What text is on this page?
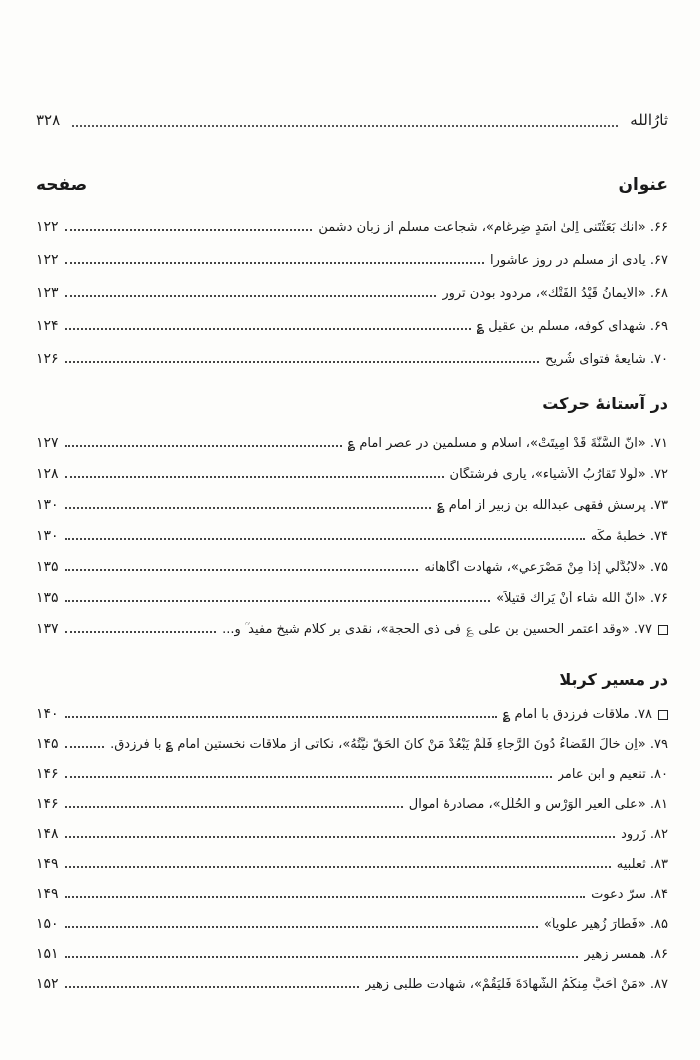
۳۲۸	ثارُالله
عنوان
صفحه
۶۶. «انك بَعَثْتَنى اِلىٰ اَسَدٍ ضِرغامٍ»، شجاعت مسلم از زبان دشمن
۱۲۲
۶۷. یادی از مسلم در روز عاشورا
۱۲۲
۶۸. «الايمانُ قَيْدُ الفَتْك»، مردود بودن ترور
۱۲۳
۶۹. شهدای کوفه، مسلم بن عقیل ؏
۱۲۴
۷۰. شایعهٔ فتوای شُریح
۱۲۶
در آستانهٔ حرکت
۷۱. «انّ السُّنَّةَ قَدْ اُمِيتَتْ»، اسلام و مسلمین در عصر امام ؏
۱۲۷
۷۲. «لَولا تَقارُبُ الأشياء»، یاری فرشتگان
۱۲۸
۷۳. پرسش فقهی عبدالله بن زبیر از امام ؏
۱۳۰
۷۴. خطبهٔ مکّه
۱۳۰
۷۵. «لابُدَّلي إذاً مِنْ مَصْرَعي»، شهادت آگاهانه
۱۳۵
۷۶. «انّ اللّه شاء أنْ يَراك قتيلاً»
۱۳۵
۷۷. «وقد اعتمر الحسين بن علی ؏ فی ذی الحجة»، نقدی بر کلام شیخ مفید ؒ و...
۱۳۷
در مسیر کربلا
۷۸. ملاقات فرزدق با امام ؏
۱۴۰
۷۹. «اِن خالَ القَضاءُ دُونَ الرَّجاءِ فَلَمْ يَبْعُدْ مَنْ كانَ الحَقّ نيَّتُهُ»، نکاتی از ملاقات نخستین امام ؏ با فرزدق.
۱۴۵
۸۰. تنعیم و ابن عامر
۱۴۶
۸۱. «على العير الوَرْس و الحُلَل»، مصادرهٔ اموال
۱۴۶
۸۲. زَرود
۱۴۸
۸۳. ثعلبیه
۱۴۹
۸۴. سرّ دعوت
۱۴۹
۸۵. «فَطارَ زُهير علوياً»
۱۵۰
۸۶. همسر زهیر
۱۵۱
۸۷. «مَنْ اَحَبَّ مِنكُمُ الشَّهادَةَ فَلْيَقُمْ»، شهادت طلبی زهیر
۱۵۲
